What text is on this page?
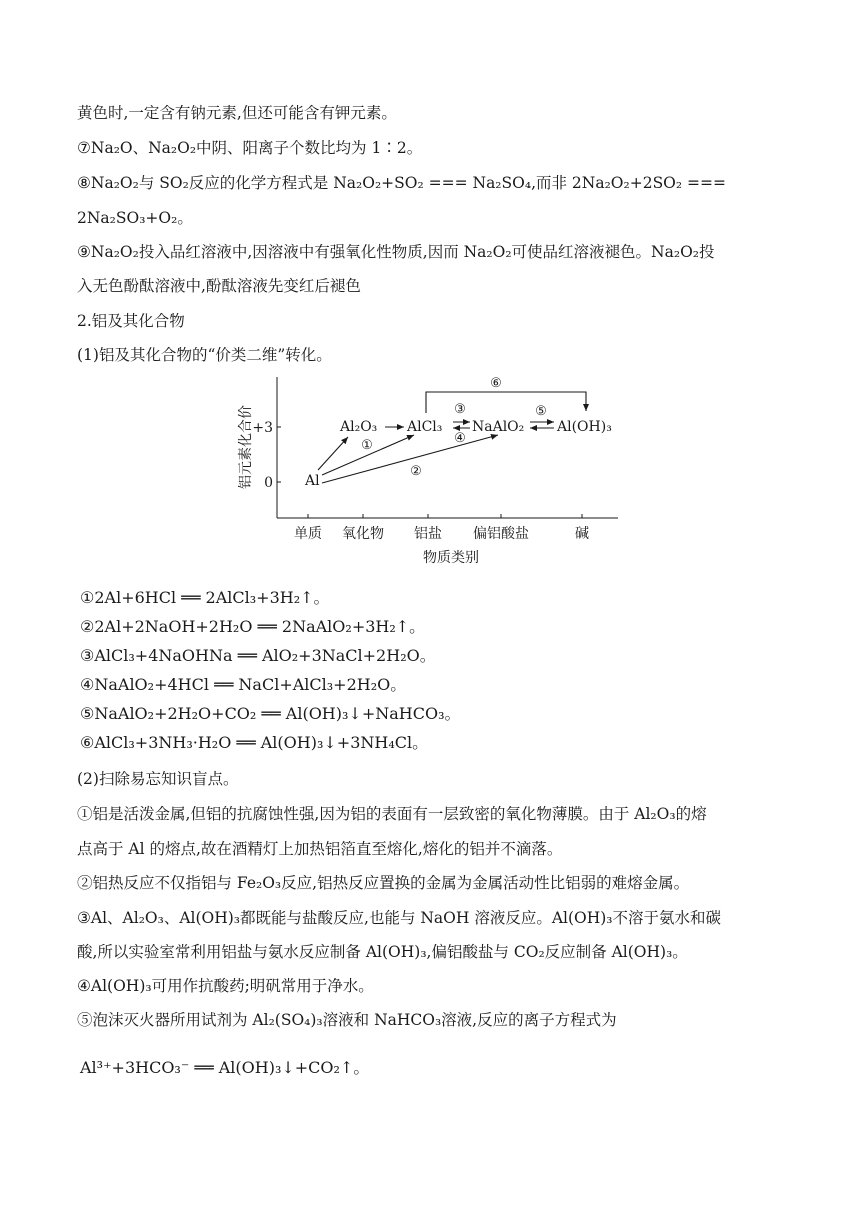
黄色时,一定含有钠元素,但还可能含有钾元素。
⑦Na₂O、Na₂O₂中阴、阳离子个数比均为 1∶2。
⑧Na₂O₂与 SO₂反应的化学方程式是 Na₂O₂+SO₂ === Na₂SO₄,而非 2Na₂O₂+2SO₂ ===
2Na₂SO₃+O₂。
⑨Na₂O₂投入品红溶液中,因溶液中有强氧化性物质,因而 Na₂O₂可使品红溶液褪色。Na₂O₂投
入无色酚酞溶液中,酚酞溶液先变红后褪色
2.铝及其化合物
(1)铝及其化合物的“价类二维”转化。
铝元素化合价
+3
0
单质 氧化物 铝盐 偏铝酸盐	碱
物质类别
Al
Al₂O₃ AlCl₃ NaAlO₂ Al(OH)₃
①
②
③
④
⑤
⑥
①2Al+6HCl ══ 2AlCl₃+3H₂↑。
②2Al+2NaOH+2H₂O ══ 2NaAlO₂+3H₂↑。
③AlCl₃+4NaOHNa ══ AlO₂+3NaCl+2H₂O。
④NaAlO₂+4HCl ══ NaCl+AlCl₃+2H₂O。
⑤NaAlO₂+2H₂O+CO₂ ══ Al(OH)₃↓+NaHCO₃。
⑥AlCl₃+3NH₃·H₂O ══ Al(OH)₃↓+3NH₄Cl。
(2)扫除易忘知识盲点。
①铝是活泼金属,但铝的抗腐蚀性强,因为铝的表面有一层致密的氧化物薄膜。由于 Al₂O₃的熔
点高于 Al 的熔点,故在酒精灯上加热铝箔直至熔化,熔化的铝并不滴落。
②铝热反应不仅指铝与 Fe₂O₃反应,铝热反应置换的金属为金属活动性比铝弱的难熔金属。
③Al、Al₂O₃、Al(OH)₃都既能与盐酸反应,也能与 NaOH 溶液反应。Al(OH)₃不溶于氨水和碳
酸,所以实验室常利用铝盐与氨水反应制备 Al(OH)₃,偏铝酸盐与 CO₂反应制备 Al(OH)₃。
④Al(OH)₃可用作抗酸药;明矾常用于净水。
⑤泡沫灭火器所用试剂为 Al₂(SO₄)₃溶液和 NaHCO₃溶液,反应的离子方程式为
Al³⁺+3HCO₃⁻ ══ Al(OH)₃↓+CO₂↑。
